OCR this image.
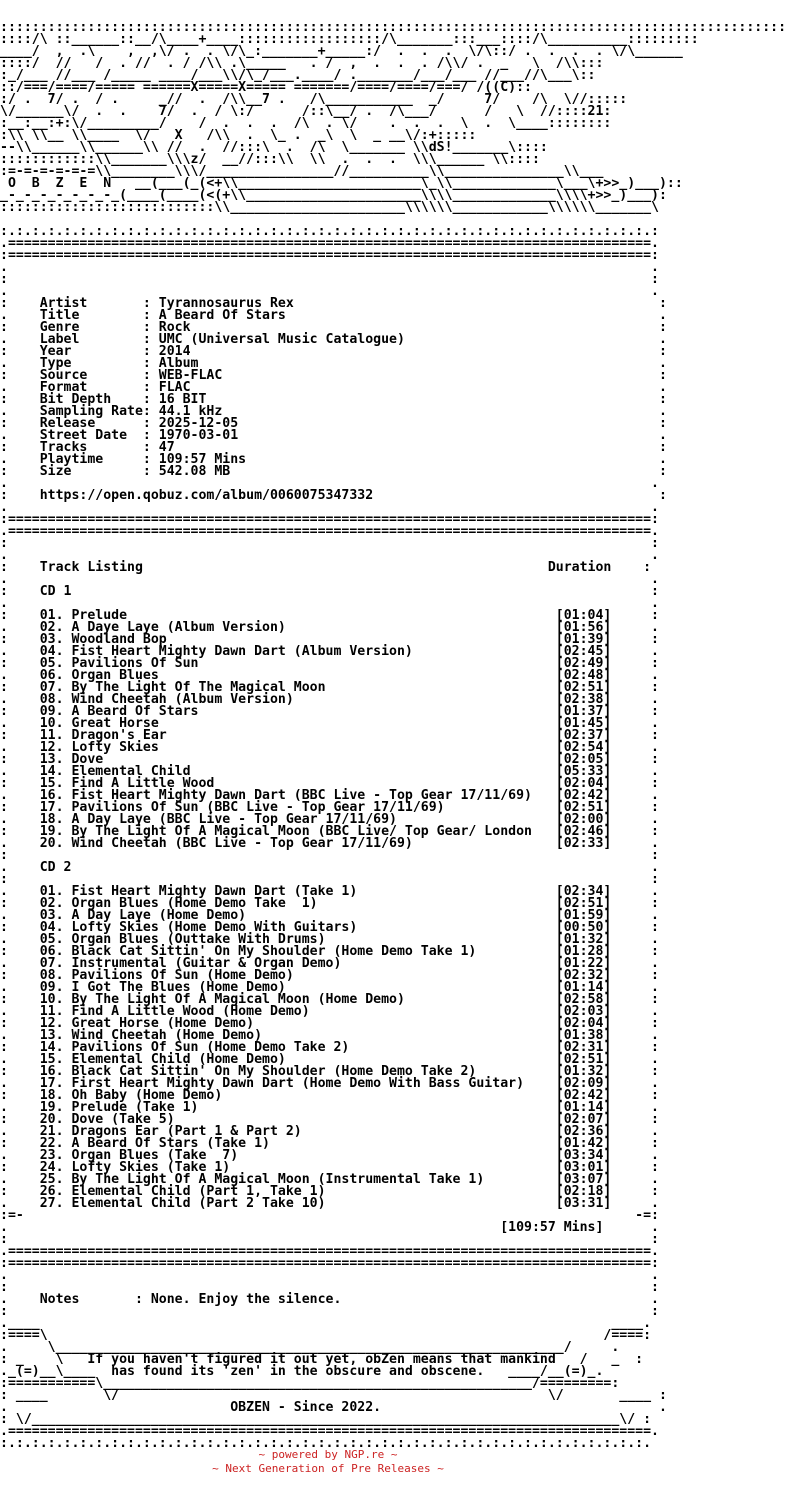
:::::::::::::::::::::::::::::::::::::::::::::::::::::::::::::::::::::::::::::::::::::::::::::::::::
::::/\ ::______::__/\____+____::::::::::::::::::/\_______:::___::::/\__________:::::::::
____/  ,  .\    ,  ,\/ .  . \/\_:_______+_____:/  .  .  .  \/\::/ .  .  .  . \/\______
::::/  //   /  . //  . / /\\ .\_____   . /  ,  .  .  . /\\/ .  _   \  /\\:::
:_/___ //___ /_____ ____/___\\/\_/___.____/ ._______/___/___ //___//\___\::
::/===/====/===== ======X=====X===== =======/====/====/===/ /((C)::
:/ .  7/ .  / .     _//  .  /\\__7 .   /\___________  _/     7/    /\  \//:::::
\/______\/  .  .    7/  .  / \:/      /::\__/ .  /\___/      /   \  //::::21:
:__:__:+:\/_________/    /  .  .  .  /\  . \/    .  .  .  \  .  \____::::::::
:\\ \\__ \\____  \/   X   /\\  .  \_ .  _\  \  _ __\/:+:::::
--\\______\\______\\ //  .  //:::\  .  /\  \_______ \\dS!_______\::::
::::::::::::\\_______\\\z/  __//:::\\  \\  .  .  .  \\\______ \\::::
:=-=-=-=-=-=\\________\\\/________________//__________\\_______________\\___
O  B  Z  E  N   __(___(_(<+\\_______________________\_\\_____________\___\+>>_)___)::
_-_-_-_-_-_-_-_(____(____(<(+\\______________________\\\\_____________\\\\+>>_)___):
:::::::::::::::::::::::::::\\______________________\\\\\\____________\\\\\\_______\

:.:.:.:.:.:.:.:.:.:.:.:.:.:.:.:.:.:.:.:.:.:.:.:.:.:.:.:.:.:.:.:.:.:.:.:.:.:.:.:.:.:
.=================================================================================.
:=================================================================================:
.                                                                                 .
:                                                                                 :
.                                                                                 .
:    Artist       : Tyrannosaurus Rex                                              :
.    Title        : A Beard Of Stars                                               .
:    Genre        : Rock                                                           :
.    Label        : UMC (Universal Music Catalogue)                                .
:    Year         : 2014                                                           :
.    Type         : Album                                                          .
:    Source       : WEB-FLAC                                                       :
.    Format       : FLAC                                                           .
:    Bit Depth    : 16 BIT                                                         :
.    Sampling Rate: 44.1 kHz                                                       .
:    Release      : 2025-12-05                                                     :
.    Street Date  : 1970-03-01                                                     .
:    Tracks       : 47                                                             :
.    Playtime     : 109:57 Mins                                                    .
:    Size         : 542.08 MB                                                      :
.                                                                                 .
:    https://open.qobuz.com/album/0060075347332                                    :
.                                                                                 .
:=================================================================================:
.=================================================================================.
:                                                                                 :
.                                                                                 .
:    Track Listing                                                   Duration    :
.                                                                                 .
:    CD 1                                                                         :
.                                                                                 .
:    01. Prelude                                                      [01:04]     :
.    02. A Daye Laye (Album Version)                                  [01:56]     .
:    03. Woodland Bop                                                 [01:39]     :
.    04. Fist Heart Mighty Dawn Dart (Album Version)                  [02:45]     .
:    05. Pavilions Of Sun                                             [02:49]     :
.    06. Organ Blues                                                  [02:48]     .
:    07. By The Light Of The Magical Moon                             [02:51]     :
.    08. Wind Cheetah (Album Version)                                 [02:38]     .
:    09. A Beard Of Stars                                             [01:37]     :
.    10. Great Horse                                                  [01:45]     .
:    11. Dragon's Ear                                                 [02:37]     :
.    12. Lofty Skies                                                  [02:54]     .
:    13. Dove                                                         [02:05]     :
.    14. Elemental Child                                              [05:33]     .
:    15. Find A Little Wood                                           [02:04]     :
.    16. Fist Heart Mighty Dawn Dart (BBC Live - Top Gear 17/11/69)   [02:42]     .
:    17. Pavilions Of Sun (BBC Live - Top Gear 17/11/69)              [02:51]     :
.    18. A Day Laye (BBC Live - Top Gear 17/11/69)                    [02:00]     .
:    19. By The Light Of A Magical Moon (BBC Live/ Top Gear/ London   [02:46]     :
.    20. Wind Cheetah (BBC Live - Top Gear 17/11/69)                  [02:33]     .
:                                                                                 :
.    CD 2                                                                         .
:                                                                                 :
.    01. Fist Heart Mighty Dawn Dart (Take 1)                         [02:34]     .
:    02. Organ Blues (Home Demo Take  1)                              [02:51]     :
.    03. A Day Laye (Home Demo)                                       [01:59]     .
:    04. Lofty Skies (Home Demo With Guitars)                         [00:50]     :
.    05. Organ Blues (Outtake With Drums)                             [01:32]     .
:    06. Black Cat Sittin' On My Shoulder (Home Demo Take 1)          [01:28]     :
.    07. Instrumental (Guitar & Organ Demo)                           [01:22]     .
:    08. Pavilions Of Sun (Home Demo)                                 [02:32]     :
.    09. I Got The Blues (Home Demo)                                  [01:14]     .
:    10. By The Light Of A Magical Moon (Home Demo)                   [02:58]     :
.    11. Find A Little Wood (Home Demo)                               [02:03]     .
:    12. Great Horse (Home Demo)                                      [02:04]     :
.    13. Wind Cheetah (Home Demo)                                     [01:38]     .
:    14. Pavilions Of Sun (Home Demo Take 2)                          [02:31]     :
.    15. Elemental Child (Home Demo)                                  [02:51]     .
:    16. Black Cat Sittin' On My Shoulder (Home Demo Take 2)          [01:32]     :
.    17. First Heart Mighty Dawn Dart (Home Demo With Bass Guitar)    [02:09]     .
:    18. Oh Baby (Home Demo)                                          [02:42]     :
.    19. Prelude (Take 1)                                             [01:14]     .
:    20. Dove (Take 5)                                                [02:07]     :
.    21. Dragons Ear (Part 1 & Part 2)                                [02:36]     .
:    22. A Beard Of Stars (Take 1)                                    [01:42]     :
.    23. Organ Blues (Take  7)                                        [03:34]     .
:    24. Lofty Skies (Take 1)                                         [03:01]     :
.    25. By The Light Of A Magical Moon (Instrumental Take 1)         [03:07]     .
:    26. Elemental Child (Part 1, Take 1)                             [02:18]     :
.    27. Elemental Child (Part 2 Take 10)                             [03:31]     .
:=-                                                                             -=:
.                                                              [109:57 Mins]      .
:                                                                                 :
.=================================================================================.
:=================================================================================:
.                                                                                 .
:                                                                                 :
.    Notes       : None. Enjoy the silence.                                       .
:                                                                                 :
.____                                                                        ____.
:====\                                                                      /====:
.     \________________________________________________________________/     .
: _    \   If you haven't figured it out yet, obZen means that mankind   /   _  :
._(=)__\____  has found its 'zen' in the obscure and obscene.   ____/__(=)_.
:===========\______________________________________________________/=========:
: ____       \/                                                      \/       ____ :
.                            OBZEN - Since 2022.                                   .
: \/__________________________________________________________________________\/ :
.=================================================================================.
:.:.:.:.:.:.:.:.:.:.:.:.:.:.:.:.:.:.:.:.:.:.:.:.:.:.:.:.:.:.:.:.:.:.:.:.:.:.:.:.:.
~ powered by NGP.re ~
~ Next Generation of Pre Releases ~
